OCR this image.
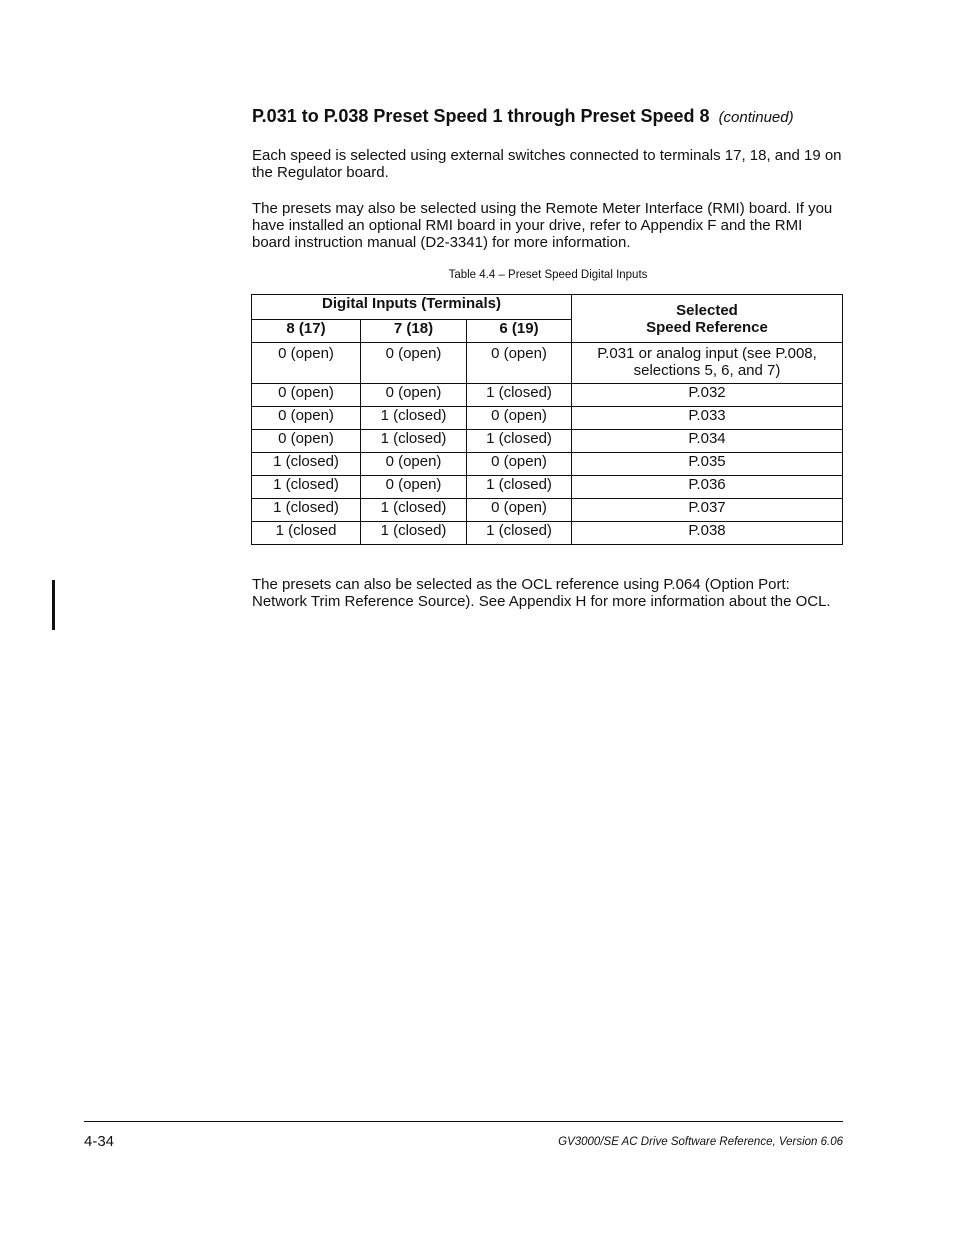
P.031 to P.038 Preset Speed 1 through Preset Speed 8 (continued)

Each speed is selected using external switches connected to terminals 17, 18, and 19 on the Regulator board.

The presets may also be selected using the Remote Meter Interface (RMI) board. If you have installed an optional RMI board in your drive, refer to Appendix F and the RMI board instruction manual (D2-3341) for more information.

Table 4.4 – Preset Speed Digital Inputs
Digital Inputs (Terminals)			Selected
Speed Reference
8 (17)	7 (18)	6 (19)	
0 (open)	0 (open)	0 (open)	P.031 or analog input (see P.008,
selections 5, 6, and 7)
0 (open)	0 (open)	1 (closed)	P.032
0 (open)	1 (closed)	0 (open)	P.033
0 (open)	1 (closed)	1 (closed)	P.034
1 (closed)	0 (open)	0 (open)	P.035
1 (closed)	0 (open)	1 (closed)	P.036
1 (closed)	1 (closed)	0 (open)	P.037
1 (closed	1 (closed)	1 (closed)	P.038

The presets can also be selected as the OCL reference using P.064 (Option Port: Network Trim Reference Source). See Appendix H for more information about the OCL.

4-34	GV3000/SE AC Drive Software Reference, Version 6.06
